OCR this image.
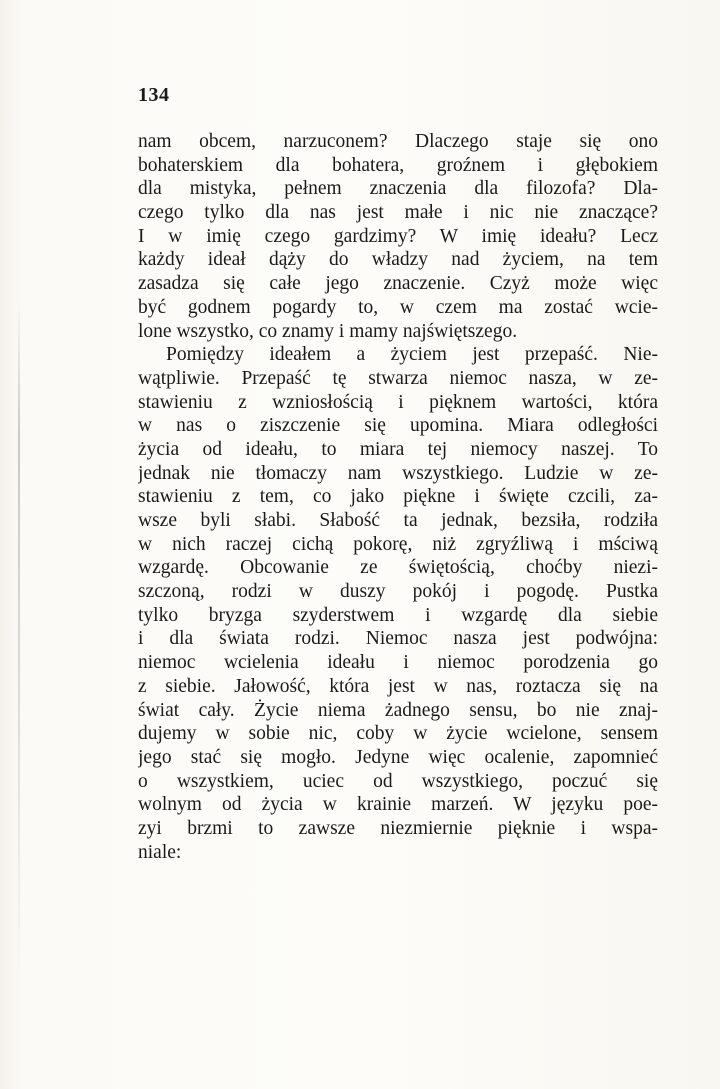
134
nam obcem, narzuconem? Dlaczego staje się ono
bohaterskiem dla bohatera, groźnem i głębokiem
dla mistyka, pełnem znaczenia dla filozofa? Dla-
czego tylko dla nas jest małe i nic nie znaczące?
I w imię czego gardzimy? W imię ideału? Lecz
każdy ideał dąży do władzy nad życiem, na tem
zasadza się całe jego znaczenie. Czyż może więc
być godnem pogardy to, w czem ma zostać wcie-
lone wszystko, co znamy i mamy najświętszego.
Pomiędzy ideałem a życiem jest przepaść. Nie-
wątpliwie. Przepaść tę stwarza niemoc nasza, w ze-
stawieniu z wzniosłością i pięknem wartości, która
w nas o ziszczenie się upomina. Miara odległości
życia od ideału, to miara tej niemocy naszej. To
jednak nie tłomaczy nam wszystkiego. Ludzie w ze-
stawieniu z tem, co jako piękne i święte czcili, za-
wsze byli słabi. Słabość ta jednak, bezsiła, rodziła
w nich raczej cichą pokorę, niż zgryźliwą i mściwą
wzgardę. Obcowanie ze świętością, choćby niezi-
szczoną, rodzi w duszy pokój i pogodę. Pustka
tylko bryzga szyderstwem i wzgardę dla siebie
i dla świata rodzi. Niemoc nasza jest podwójna:
niemoc wcielenia ideału i niemoc porodzenia go
z siebie. Jałowość, która jest w nas, roztacza się na
świat cały. Życie niema żadnego sensu, bo nie znaj-
dujemy w sobie nic, coby w życie wcielone, sensem
jego stać się mogło. Jedyne więc ocalenie, zapomnieć
o wszystkiem, uciec od wszystkiego, poczuć się
wolnym od życia w krainie marzeń. W języku poe-
zyi brzmi to zawsze niezmiernie pięknie i wspa-
niale:
